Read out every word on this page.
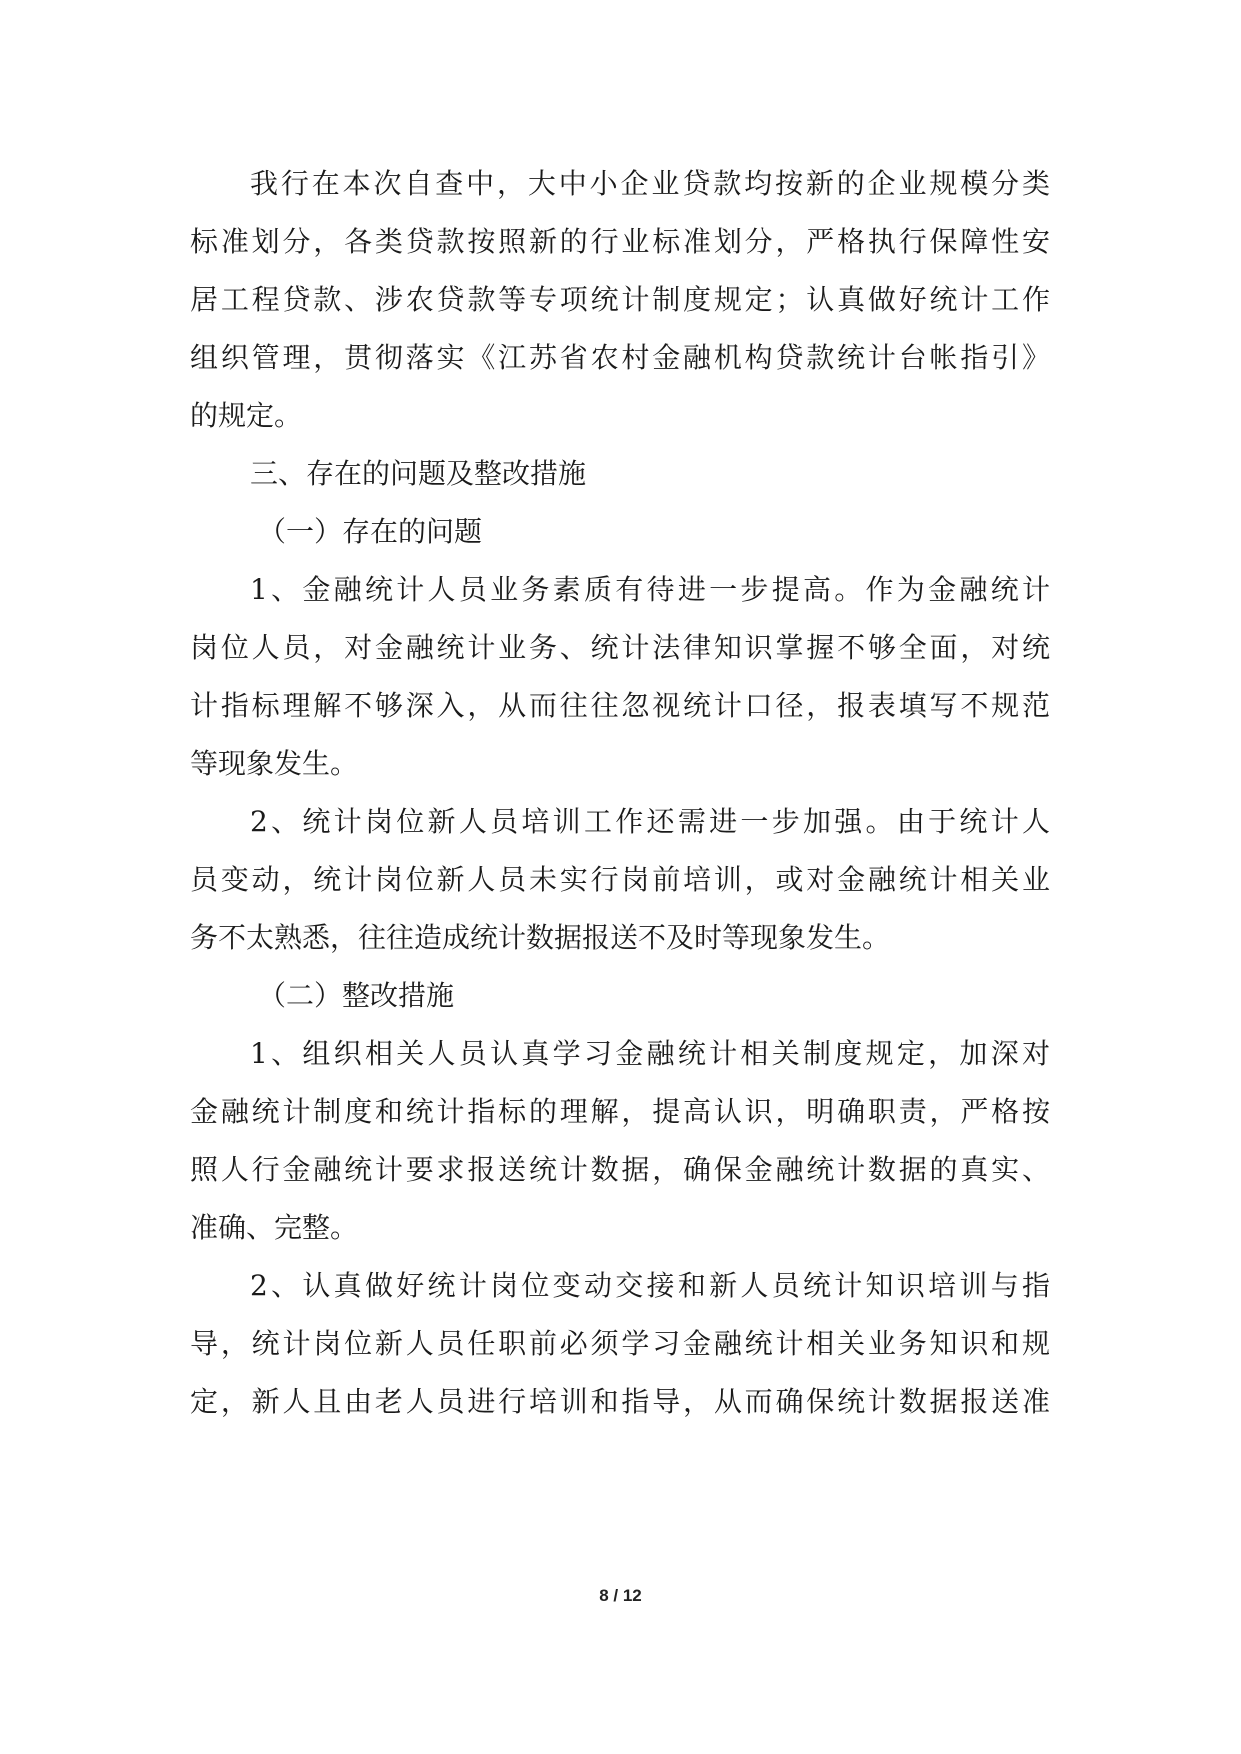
我行在本次自查中，大中小企业贷款均按新的企业规模分类
标准划分，各类贷款按照新的行业标准划分，严格执行保障性安
居工程贷款、涉农贷款等专项统计制度规定；认真做好统计工作
组织管理，贯彻落实《江苏省农村金融机构贷款统计台帐指引》
的规定。
三、存在的问题及整改措施
（一）存在的问题
1、金融统计人员业务素质有待进一步提高。作为金融统计
岗位人员，对金融统计业务、统计法律知识掌握不够全面，对统
计指标理解不够深入，从而往往忽视统计口径，报表填写不规范
等现象发生。
2、统计岗位新人员培训工作还需进一步加强。由于统计人
员变动，统计岗位新人员未实行岗前培训，或对金融统计相关业
务不太熟悉，往往造成统计数据报送不及时等现象发生。
（二）整改措施
1、组织相关人员认真学习金融统计相关制度规定，加深对
金融统计制度和统计指标的理解，提高认识，明确职责，严格按
照人行金融统计要求报送统计数据，确保金融统计数据的真实、
准确、完整。
2、认真做好统计岗位变动交接和新人员统计知识培训与指
导，统计岗位新人员任职前必须学习金融统计相关业务知识和规
定，新人且由老人员进行培训和指导，从而确保统计数据报送准
8 / 12
